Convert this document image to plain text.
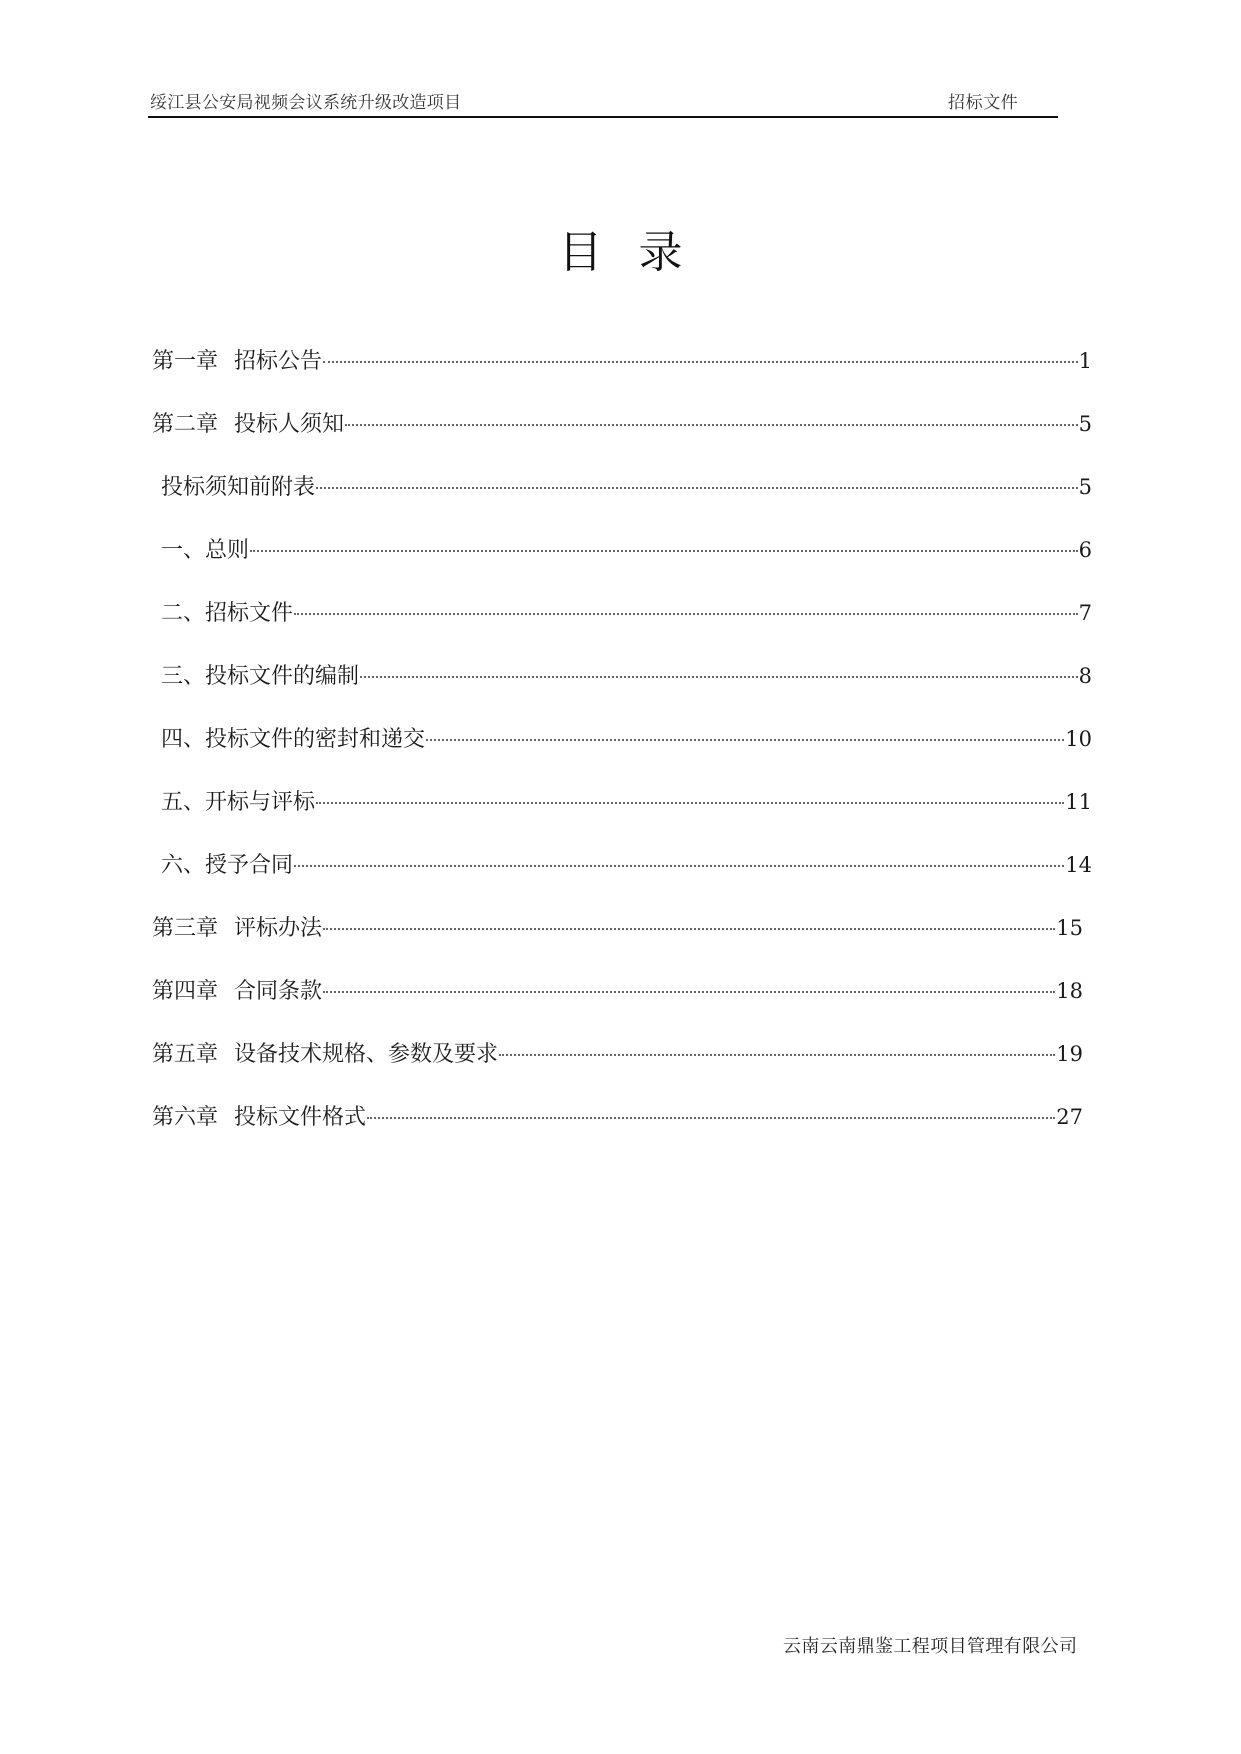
绥江县公安局视频会议系统升级改造项目	招标文件
目录
第一章 招标公告	1
第二章 投标人须知	5
投标须知前附表	5
一、总则	6
二、招标文件	7
三、投标文件的编制	8
四、投标文件的密封和递交	10
五、开标与评标	11
六、授予合同	14
第三章 评标办法	15
第四章 合同条款	18
第五章 设备技术规格、参数及要求	19
第六章 投标文件格式	27
云南云南鼎鉴工程项目管理有限公司
